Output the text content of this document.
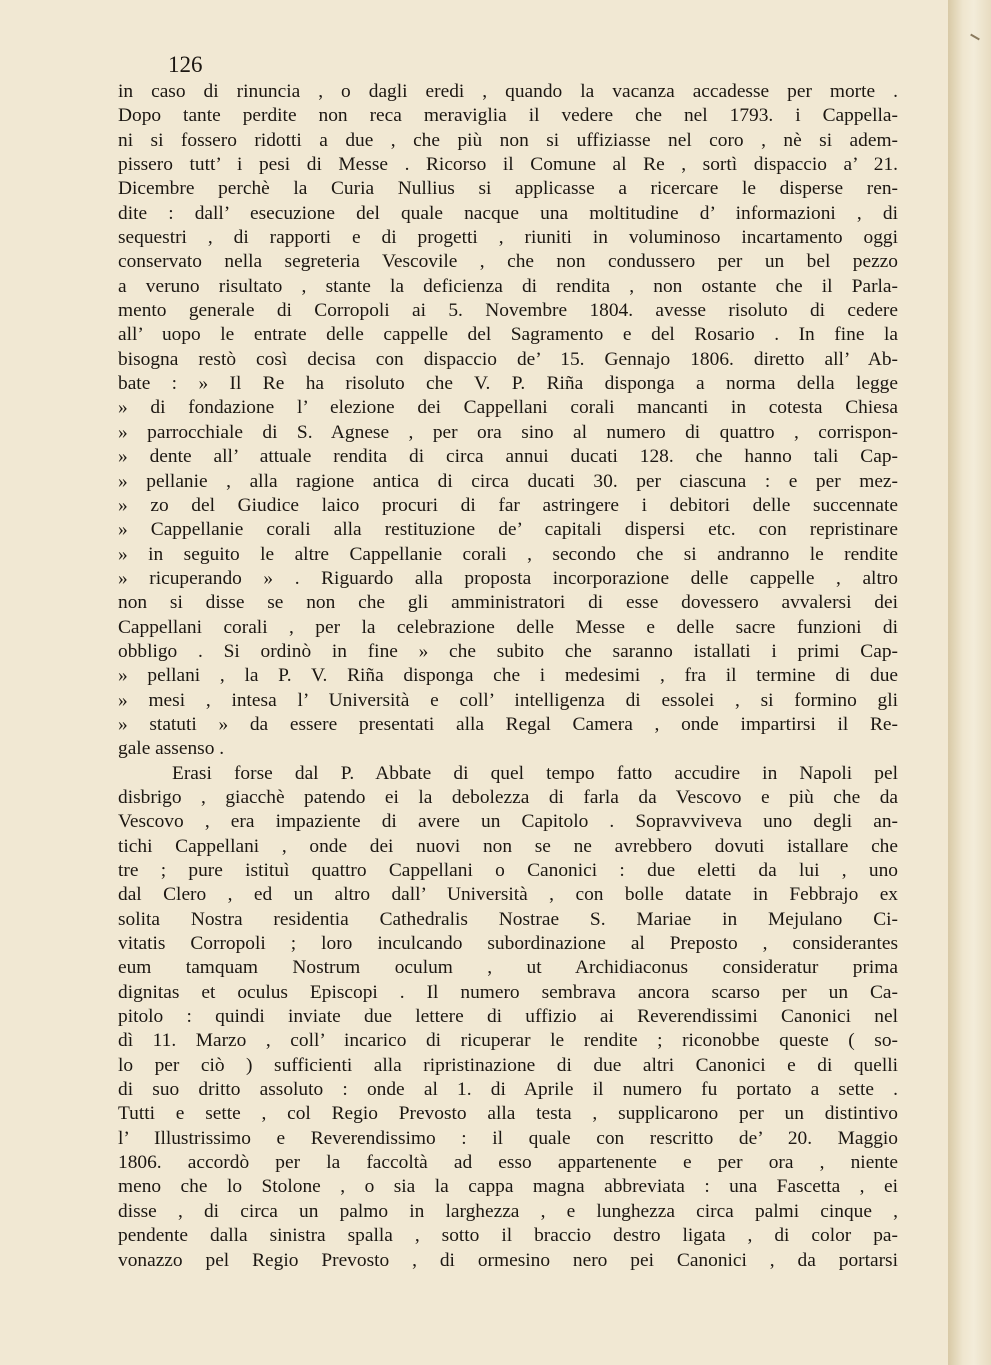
126
in caso di rinuncia , o dagli eredi , quando la vacanza accadesse per morte .
Dopo tante perdite non reca meraviglia il vedere che nel 1793. i Cappella-
ni si fossero ridotti a due , che più non si uffiziasse nel coro , nè si adem-
pissero tutt’ i pesi di Messe . Ricorso il Comune al Re , sortì dispaccio a’ 21.
Dicembre perchè la Curia Nullius si applicasse a ricercare le disperse ren-
dite : dall’ esecuzione del quale nacque una moltitudine d’ informazioni , di
sequestri , di rapporti e di progetti , riuniti in voluminoso incartamento oggi
conservato nella segreteria Vescovile , che non condussero per un bel pezzo
a veruno risultato , stante la deficienza di rendita , non ostante che il Parla-
mento generale di Corropoli ai 5. Novembre 1804. avesse risoluto di cedere
all’ uopo le entrate delle cappelle del Sagramento e del Rosario . In fine la
bisogna restò così decisa con dispaccio de’ 15. Gennajo 1806. diretto all’ Ab-
bate : » Il Re ha risoluto che V. P. Riña disponga a norma della legge
» di fondazione l’ elezione dei Cappellani corali mancanti in cotesta Chiesa
» parrocchiale di S. Agnese , per ora sino al numero di quattro , corrispon-
» dente all’ attuale rendita di circa annui ducati 128. che hanno tali Cap-
» pellanie , alla ragione antica di circa ducati 30. per ciascuna : e per mez-
» zo del Giudice laico procuri di far astringere i debitori delle succennate
» Cappellanie corali alla restituzione de’ capitali dispersi etc. con repristinare
» in seguito le altre Cappellanie corali , secondo che si andranno le rendite
» ricuperando » . Riguardo alla proposta incorporazione delle cappelle , altro
non si disse se non che gli amministratori di esse dovessero avvalersi dei
Cappellani corali , per la celebrazione delle Messe e delle sacre funzioni di
obbligo . Si ordinò in fine » che subito che saranno istallati i primi Cap-
» pellani , la P. V. Riña disponga che i medesimi , fra il termine di due
» mesi , intesa l’ Università e coll’ intelligenza di essolei , si formino gli
» statuti » da essere presentati alla Regal Camera , onde impartirsi il Re-
gale assenso .
Erasi forse dal P. Abbate di quel tempo fatto accudire in Napoli pel
disbrigo , giacchè patendo ei la debolezza di farla da Vescovo e più che da
Vescovo , era impaziente di avere un Capitolo . Sopravviveva uno degli an-
tichi Cappellani , onde dei nuovi non se ne avrebbero dovuti istallare che
tre ; pure istituì quattro Cappellani o Canonici : due eletti da lui , uno
dal Clero , ed un altro dall’ Università , con bolle datate in Febbrajo ex
solita Nostra residentia Cathedralis Nostrae S. Mariae in Mejulano Ci-
vitatis Corropoli ; loro inculcando subordinazione al Preposto , considerantes
eum tamquam Nostrum oculum , ut Archidiaconus consideratur prima
dignitas et oculus Episcopi . Il numero sembrava ancora scarso per un Ca-
pitolo : quindi inviate due lettere di uffizio ai Reverendissimi Canonici nel
dì 11. Marzo , coll’ incarico di ricuperar le rendite ; riconobbe queste ( so-
lo per ciò ) sufficienti alla ripristinazione di due altri Canonici e di quelli
di suo dritto assoluto : onde al 1. di Aprile il numero fu portato a sette .
Tutti e sette , col Regio Prevosto alla testa , supplicarono per un distintivo
l’ Illustrissimo e Reverendissimo : il quale con rescritto de’ 20. Maggio
1806. accordò per la faccoltà ad esso appartenente e per ora , niente
meno che lo Stolone , o sia la cappa magna abbreviata : una Fascetta , ei
disse , di circa un palmo in larghezza , e lunghezza circa palmi cinque ,
pendente dalla sinistra spalla , sotto il braccio destro ligata , di color pa-
vonazzo pel Regio Prevosto , di ormesino nero pei Canonici , da portarsi
